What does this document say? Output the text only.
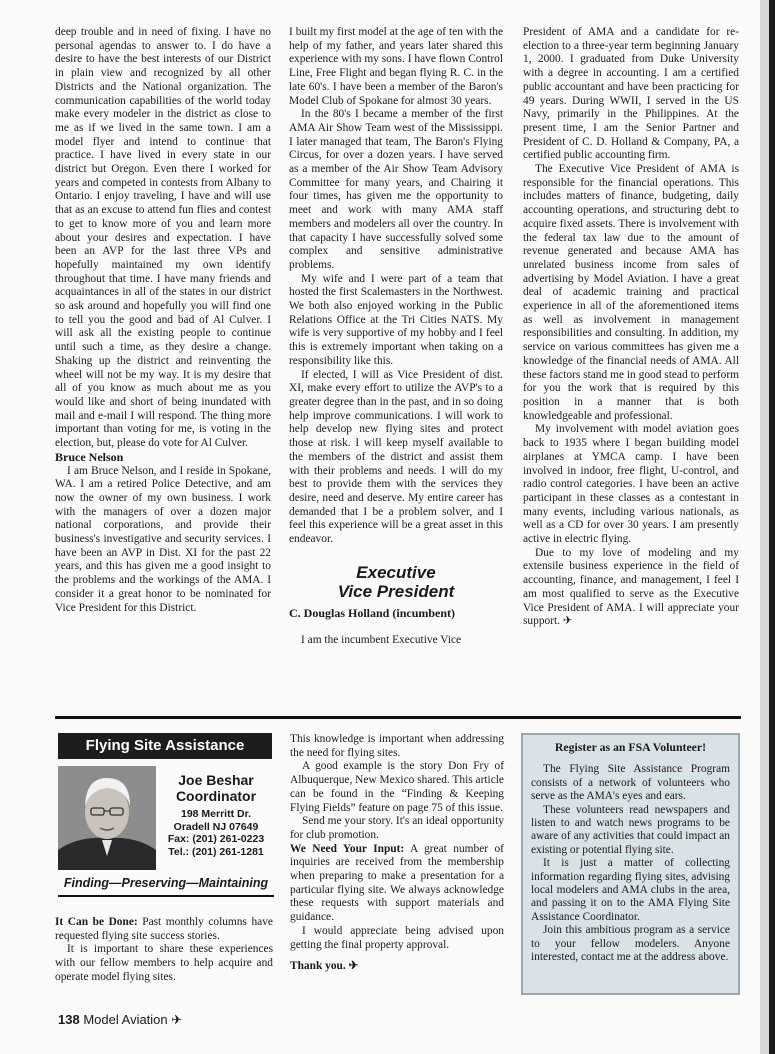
deep trouble and in need of fixing. I have no personal agendas to answer to. I do have a desire to have the best interests of our District in plain view and recognized by all other Districts and the National organization. The communication capabilities of the world today make every modeler in the district as close to me as if we lived in the same town. I am a model flyer and intend to continue that practice. I have lived in every state in our district but Oregon. Even there I worked for years and competed in contests from Albany to Ontario. I enjoy traveling, I have and will use that as an excuse to attend fun flies and contest to get to know more of you and learn more about your desires and expectation. I have been an AVP for the last three VPs and hopefully maintained my own identify throughout that time. I have many friends and acquaintances in all of the states in our district so ask around and hopefully you will find one to tell you the good and bad of Al Culver. I will ask all the existing people to continue until such a time, as they desire a change. Shaking up the district and reinventing the wheel will not be my way. It is my desire that all of you know as much about me as you would like and short of being inundated with mail and e-mail I will respond. The thing more important than voting for me, is voting in the election, but, please do vote for Al Culver.

Bruce Nelson

I am Bruce Nelson, and I reside in Spokane, WA. I am a retired Police Detective, and am now the owner of my own business. I work with the managers of over a dozen major national corporations, and provide their business's investigative and security services. I have been an AVP in Dist. XI for the past 22 years, and this has given me a good insight to the problems and the workings of the AMA. I consider it a great honor to be nominated for Vice President for this District.

I built my first model at the age of ten with the help of my father, and years later shared this experience with my sons. I have flown Control Line, Free Flight and began flying R. C. in the late 60's. I have been a member of the Baron's Model Club of Spokane for almost 30 years.

In the 80's I became a member of the first AMA Air Show Team west of the Mississippi. I later managed that team, The Baron's Flying Circus, for over a dozen years. I have served as a member of the Air Show Team Advisory Committee for many years, and Chairing it four times, has given me the opportunity to meet and work with many AMA staff members and modelers all over the country. In that capacity I have successfully solved some complex and sensitive administrative problems.

My wife and I were part of a team that hosted the first Scalemasters in the Northwest. We both also enjoyed working in the Public Relations Office at the Tri Cities NATS. My wife is very supportive of my hobby and I feel this is extremely important when taking on a responsibility like this.

If elected, I will as Vice President of dist. XI, make every effort to utilize the AVP's to a greater degree than in the past, and in so doing help improve communications. I will work to help develop new flying sites and protect those at risk. I will keep myself available to the members of the district and assist them with their problems and needs. I will do my best to provide them with the services they desire, need and deserve. My entire career has demanded that I be a problem solver, and I feel this experience will be a great asset in this endeavor.

Executive
Vice President
C. Douglas Holland (incumbent)

I am the incumbent Executive Vice

President of AMA and a candidate for re-election to a three-year term beginning January 1, 2000. I graduated from Duke University with a degree in accounting. I am a certified public accountant and have been practicing for 49 years. During WWII, I served in the US Navy, primarily in the Philippines. At the present time, I am the Senior Partner and President of C. D. Holland & Company, PA, a certified public accounting firm.

The Executive Vice President of AMA is responsible for the financial operations. This includes matters of finance, budgeting, daily accounting operations, and structuring debt to acquire fixed assets. There is involvement with the federal tax law due to the amount of revenue generated and because AMA has unrelated business income from sales of advertising by Model Aviation. I have a great deal of academic training and practical experience in all of the aforementioned items as well as involvement in management responsibilities and consulting. In addition, my service on various committees has given me a knowledge of the financial needs of AMA. All these factors stand me in good stead to perform for you the work that is required by this position in a manner that is both knowledgeable and professional.

My involvement with model aviation goes back to 1935 where I began building model airplanes at YMCA camp. I have been involved in indoor, free flight, U-control, and radio control categories. I have been an active participant in these classes as a contestant in many events, including various nationals, as well as a CD for over 30 years. I am presently active in electric flying.

Due to my love of modeling and my extensile business experience in the field of accounting, finance, and management, I feel I am most qualified to serve as the Executive Vice President of AMA. I will appreciate your support. ✈

Flying Site Assistance
Joe Beshar
Coordinator
198 Merritt Dr.
Oradell NJ 07649
Fax: (201) 261-0223
Tel.: (201) 261-1281
Finding—Preserving—Maintaining

It Can be Done: Past monthly columns have requested flying site success stories.

It is important to share these experiences with our fellow members to help acquire and operate model flying sites.

This knowledge is important when addressing the need for flying sites.

A good example is the story Don Fry of Albuquerque, New Mexico shared. This article can be found in the “Finding & Keeping Flying Fields” feature on page 75 of this issue.

Send me your story. It's an ideal opportunity for club promotion.

We Need Your Input: A great number of inquiries are received from the membership when preparing to make a presentation for a particular flying site. We always acknowledge these requests with support materials and guidance.

I would appreciate being advised upon getting the final property approval.

Thank you. ✈

Register as an FSA Volunteer!

The Flying Site Assistance Program consists of a network of volunteers who serve as the AMA's eyes and ears.

These volunteers read newspapers and listen to and watch news programs to be aware of any activities that could impact an existing or potential flying site.

It is just a matter of collecting information regarding flying sites, advising local modelers and AMA clubs in the area, and passing it on to the AMA Flying Site Assistance Coordinator.

Join this ambitious program as a service to your fellow modelers. Anyone interested, contact me at the address above.

138 Model Aviation ✈
